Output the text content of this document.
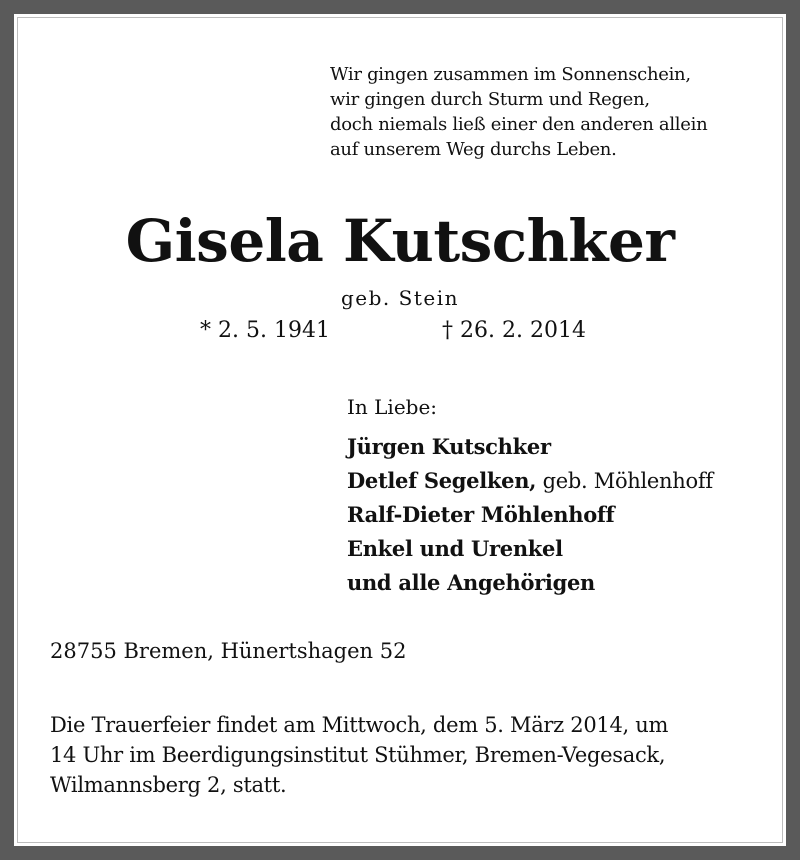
Wir gingen zusammen im Sonnenschein,
wir gingen durch Sturm und Regen,
doch niemals ließ einer den anderen allein
auf unserem Weg durchs Leben.
Gisela Kutschker
geb. Stein
* 2. 5. 1941	† 26. 2. 2014
In Liebe:
Jürgen Kutschker
Detlef Segelken, geb. Möhlenhoff
Ralf-Dieter Möhlenhoff
Enkel und Urenkel
und alle Angehörigen
28755 Bremen, Hünertshagen 52
Die Trauerfeier findet am Mittwoch, dem 5. März 2014, um
14 Uhr im Beerdigungsinstitut Stühmer, Bremen-Vegesack,
Wilmannsberg 2, statt.
